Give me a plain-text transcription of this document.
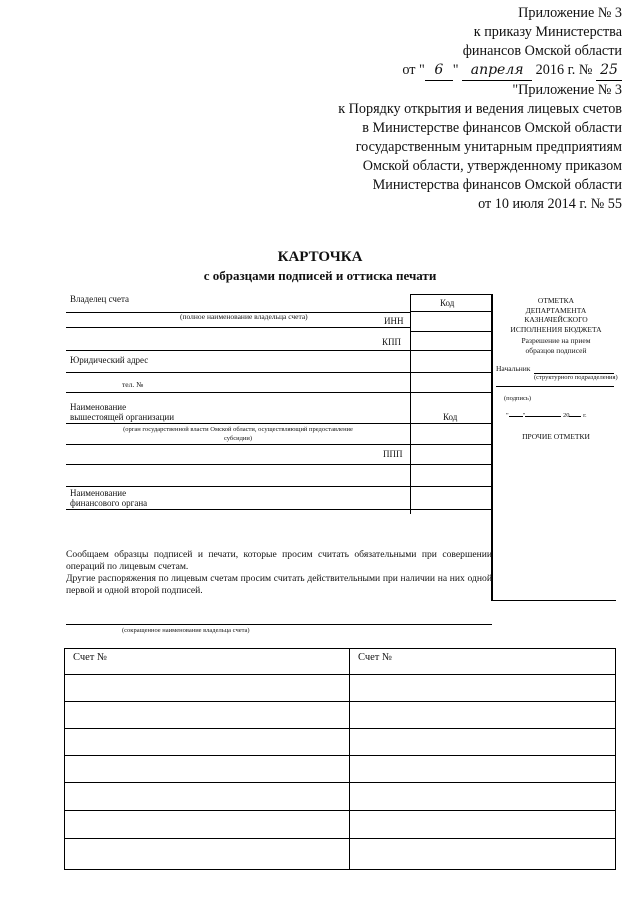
Приложение № 3
к приказу Министерства
финансов Омской области
от " 6 " апреля 2016 г. № 25
"Приложение № 3
к Порядку открытия и ведения лицевых счетов
в Министерстве финансов Омской области
государственным унитарным предприятиям
Омской области, утвержденному приказом
Министерства финансов Омской области
от 10 июля 2014 г. № 55
КАРТОЧКА
с образцами подписей и оттиска печати
Владелец счета	Код
(полное наименование владельца счета)	ИНН
КПП
Юридический адрес
тел. №
Наименование
вышестоящей организации	Код
(орган государственной власти Омской области, осуществляющий предоставление
субсидии)
ППП
Наименование
финансового органа
ОТМЕТКА
ДЕПАРТАМЕНТА
КАЗНАЧЕЙСКОГО
ИСПОЛНЕНИЯ БЮДЖЕТА
Разрешение на прием
образцов подписей
Начальник
(структурного подразделения)
(подпись)
" "	20 г.
ПРОЧИЕ ОТМЕТКИ
Сообщаем образцы подписей и печати, которые просим считать обязательными при совершении операций по лицевым счетам.
Другие распоряжения по лицевым счетам просим считать действительными при наличии на них одной первой и одной второй подписей.
(сокращенное наименование владельца счета)
Счет №	Счет №
